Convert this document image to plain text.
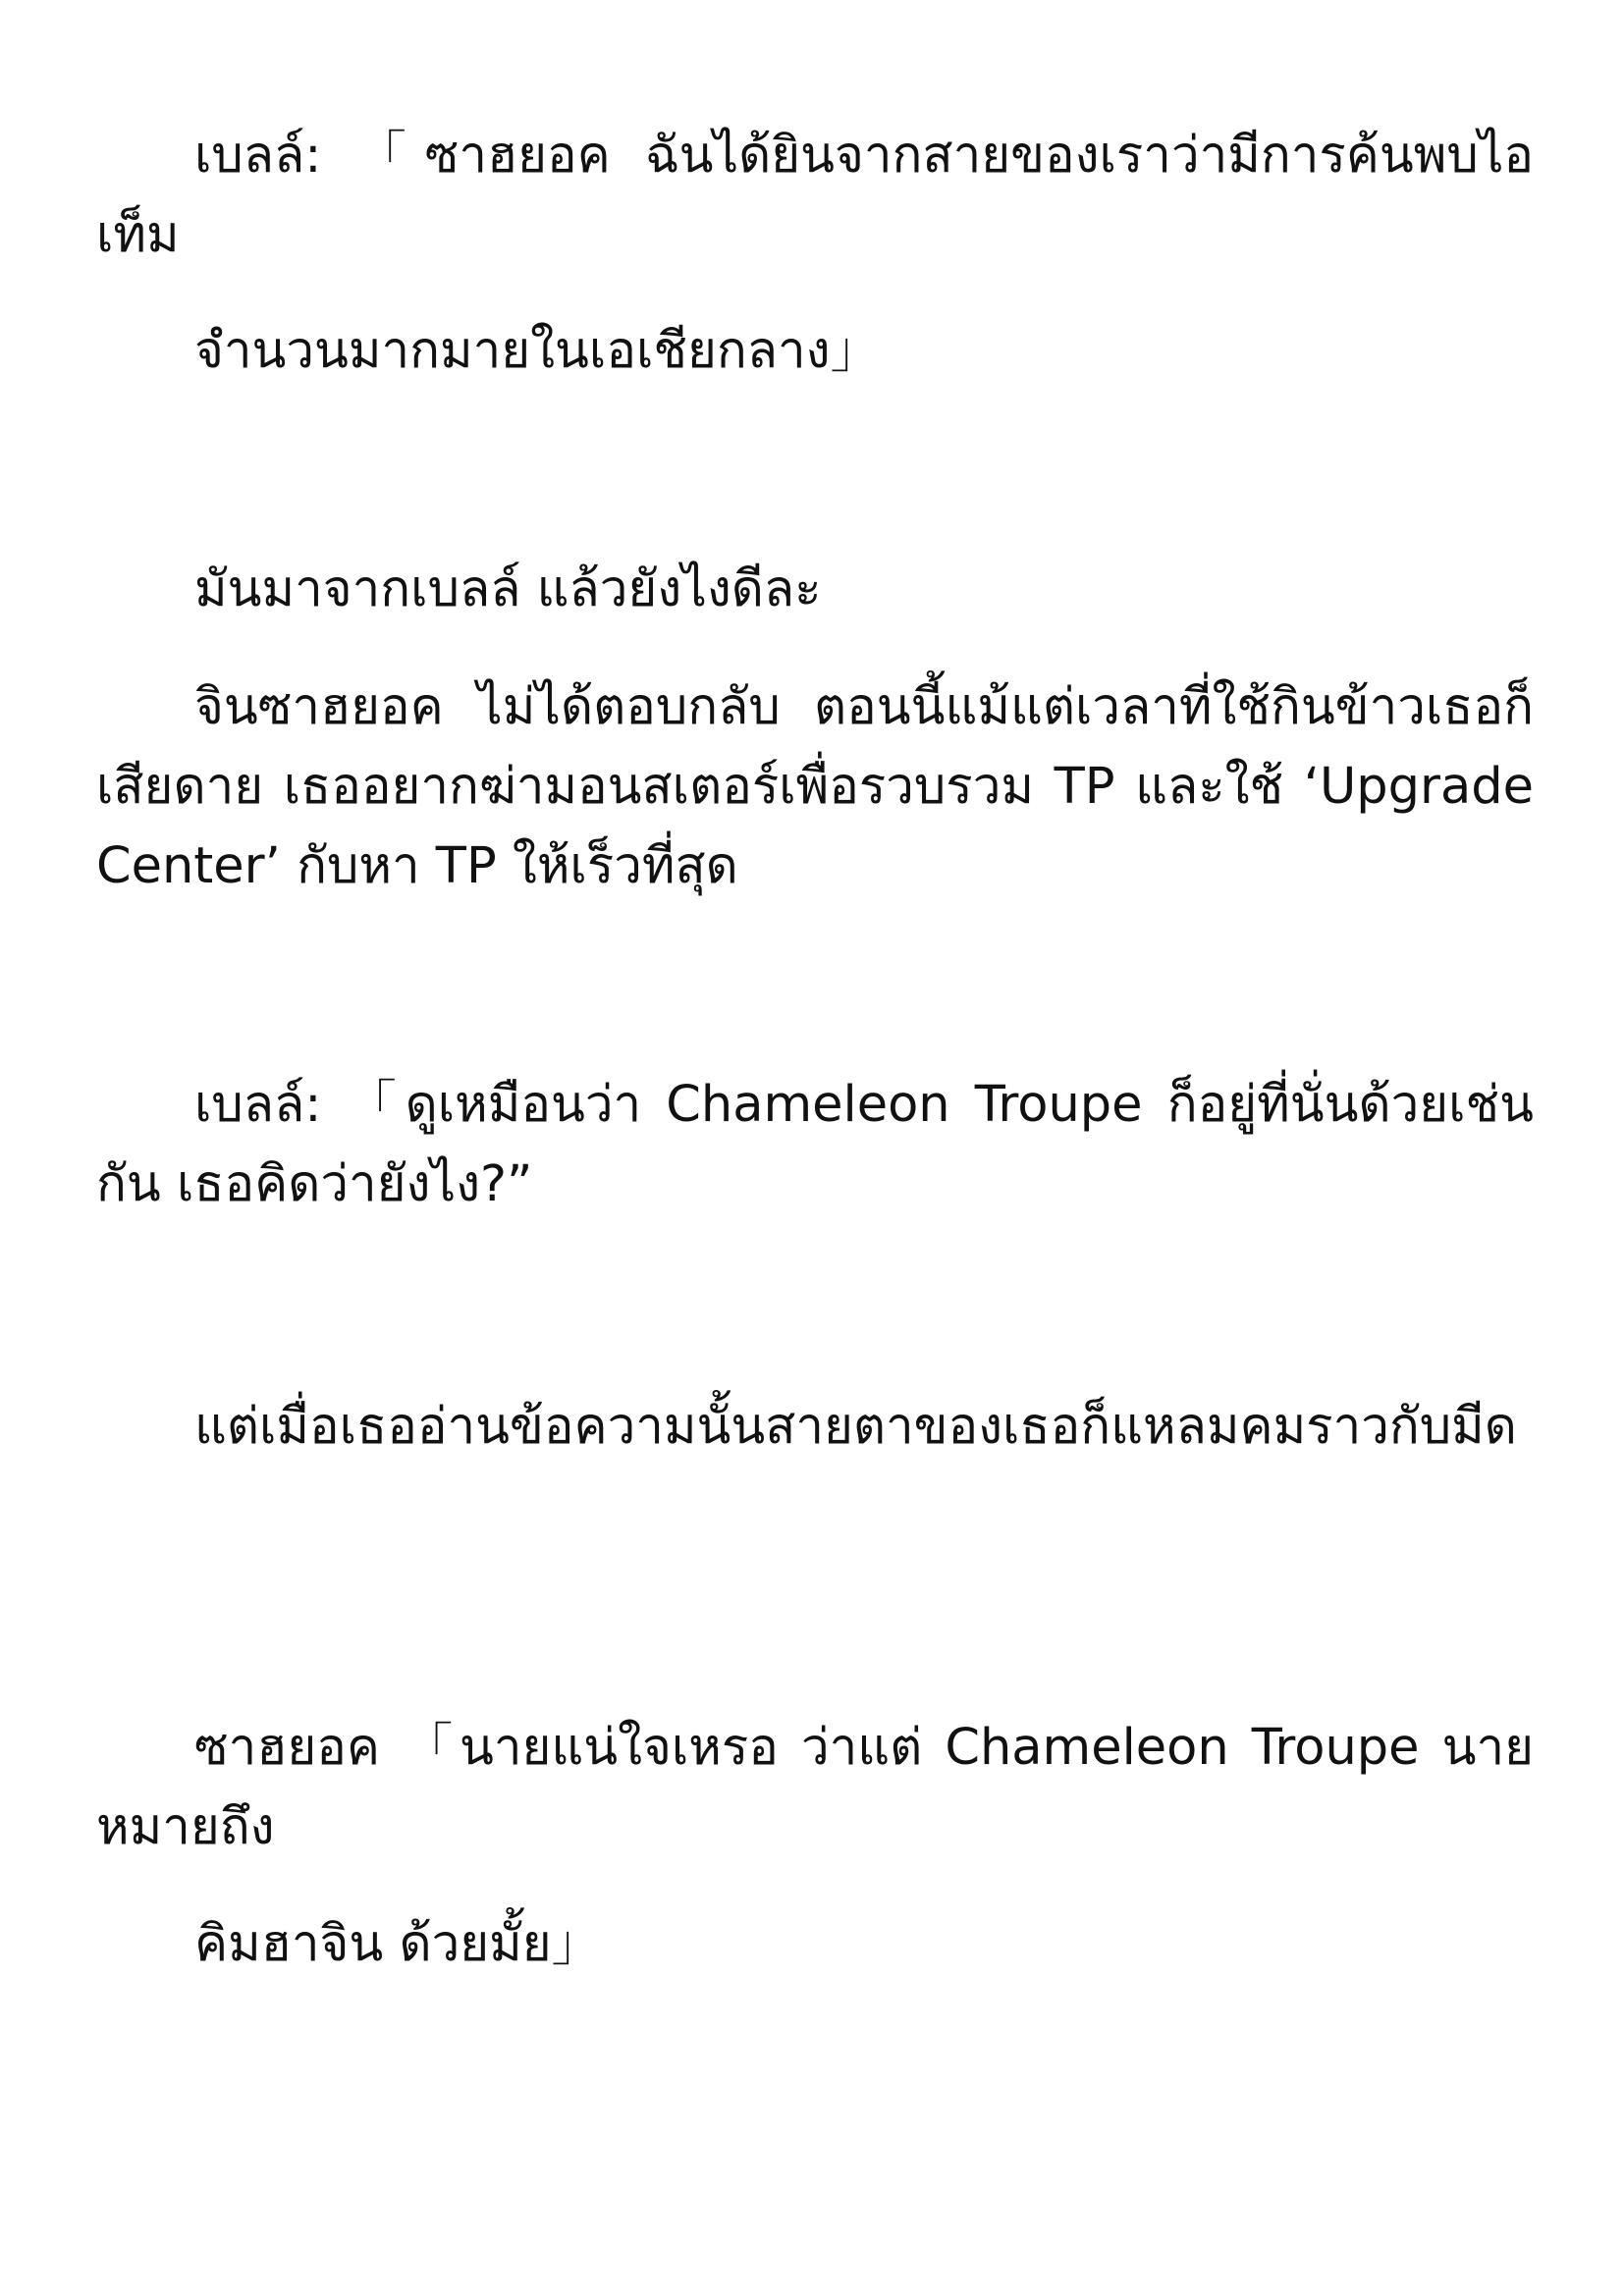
เบลล์: 「ซาฮยอค ฉันได้ยินจากสายของเราว่ามีการค้นพบไอเท็ม

จำนวนมากมายในเอเชียกลาง」

มันมาจากเบลล์ แล้วยังไงดีละ

จินซาฮยอค ไม่ได้ตอบกลับ ตอนนี้แม้แต่เวลาที่ใช้กินข้าวเธอก็เสียดาย เธออยากฆ่ามอนสเตอร์เพื่อรวบรวม TP และใช้ ‘Upgrade Center’ กับหา TP ให้เร็วที่สุด

เบลล์: 「ดูเหมือนว่า Chameleon Troupe ก็อยู่ที่นั่นด้วยเช่นกัน เธอคิดว่ายังไง?”

แต่เมื่อเธออ่านข้อความนั้นสายตาของเธอก็แหลมคมราวกับมีด

ซาฮยอค 「นายแน่ใจเหรอ ว่าแต่ Chameleon Troupe นายหมายถึง

คิมฮาจิน ด้วยมั้ย」
